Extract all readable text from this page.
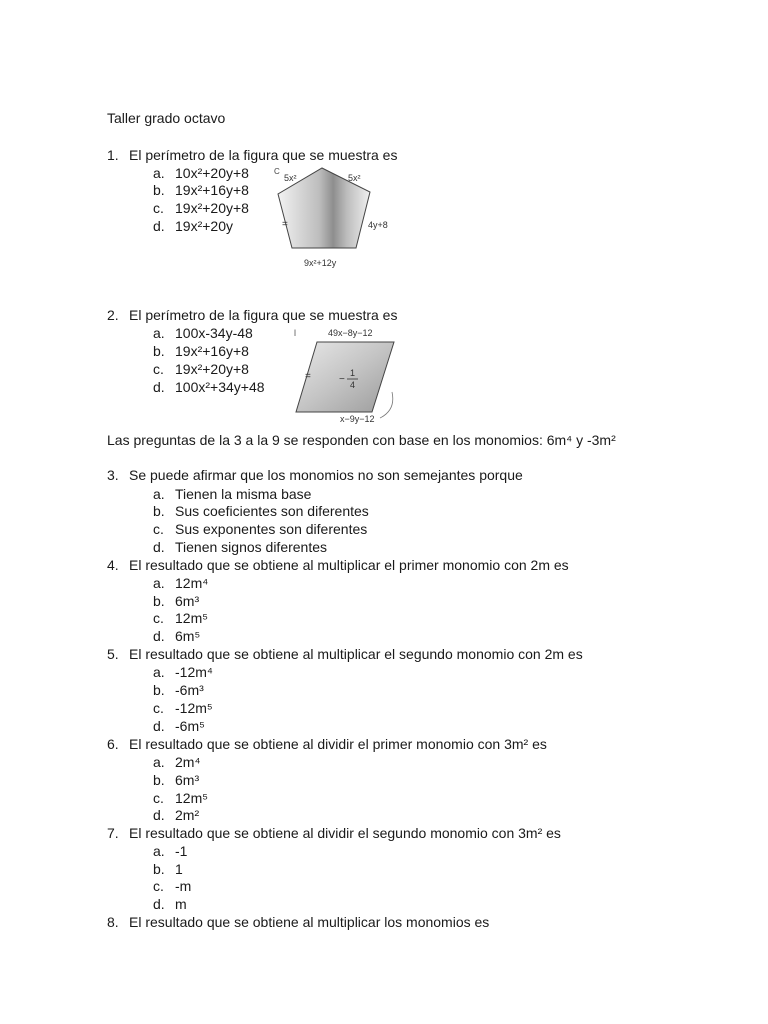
Taller grado octavo
1. El perímetro de la figura que se muestra es
a. 10x²+20y+8
b. 19x²+16y+8
c. 19x²+20y+8
d. 19x²+20y
C
5x²	5x²
4y+8
=
9x²+12y
2. El perímetro de la figura que se muestra es
a. 100x-34y-48
b. 19x²+16y+8
c. 19x²+20y+8
d. 100x²+34y+48
l	49x−8y−12
=	−
1
4
x−9y−12
Las preguntas de la 3 a la 9 se responden con base en los monomios: 6m⁴ y -3m²
3. Se puede afirmar que los monomios no son semejantes porque
a. Tienen la misma base
b. Sus coeficientes son diferentes
c. Sus exponentes son diferentes
d. Tienen signos diferentes
4. El resultado que se obtiene al multiplicar el primer monomio con 2m es
a. 12m⁴
b. 6m³
c. 12m⁵
d. 6m⁵
5. El resultado que se obtiene al multiplicar el segundo monomio con 2m es
a. -12m⁴
b. -6m³
c. -12m⁵
d. -6m⁵
6. El resultado que se obtiene al dividir el primer monomio con 3m² es
a. 2m⁴
b. 6m³
c. 12m⁵
d. 2m²
7. El resultado que se obtiene al dividir el segundo monomio con 3m² es
a. -1
b. 1
c. -m
d. m
8. El resultado que se obtiene al multiplicar los monomios es
